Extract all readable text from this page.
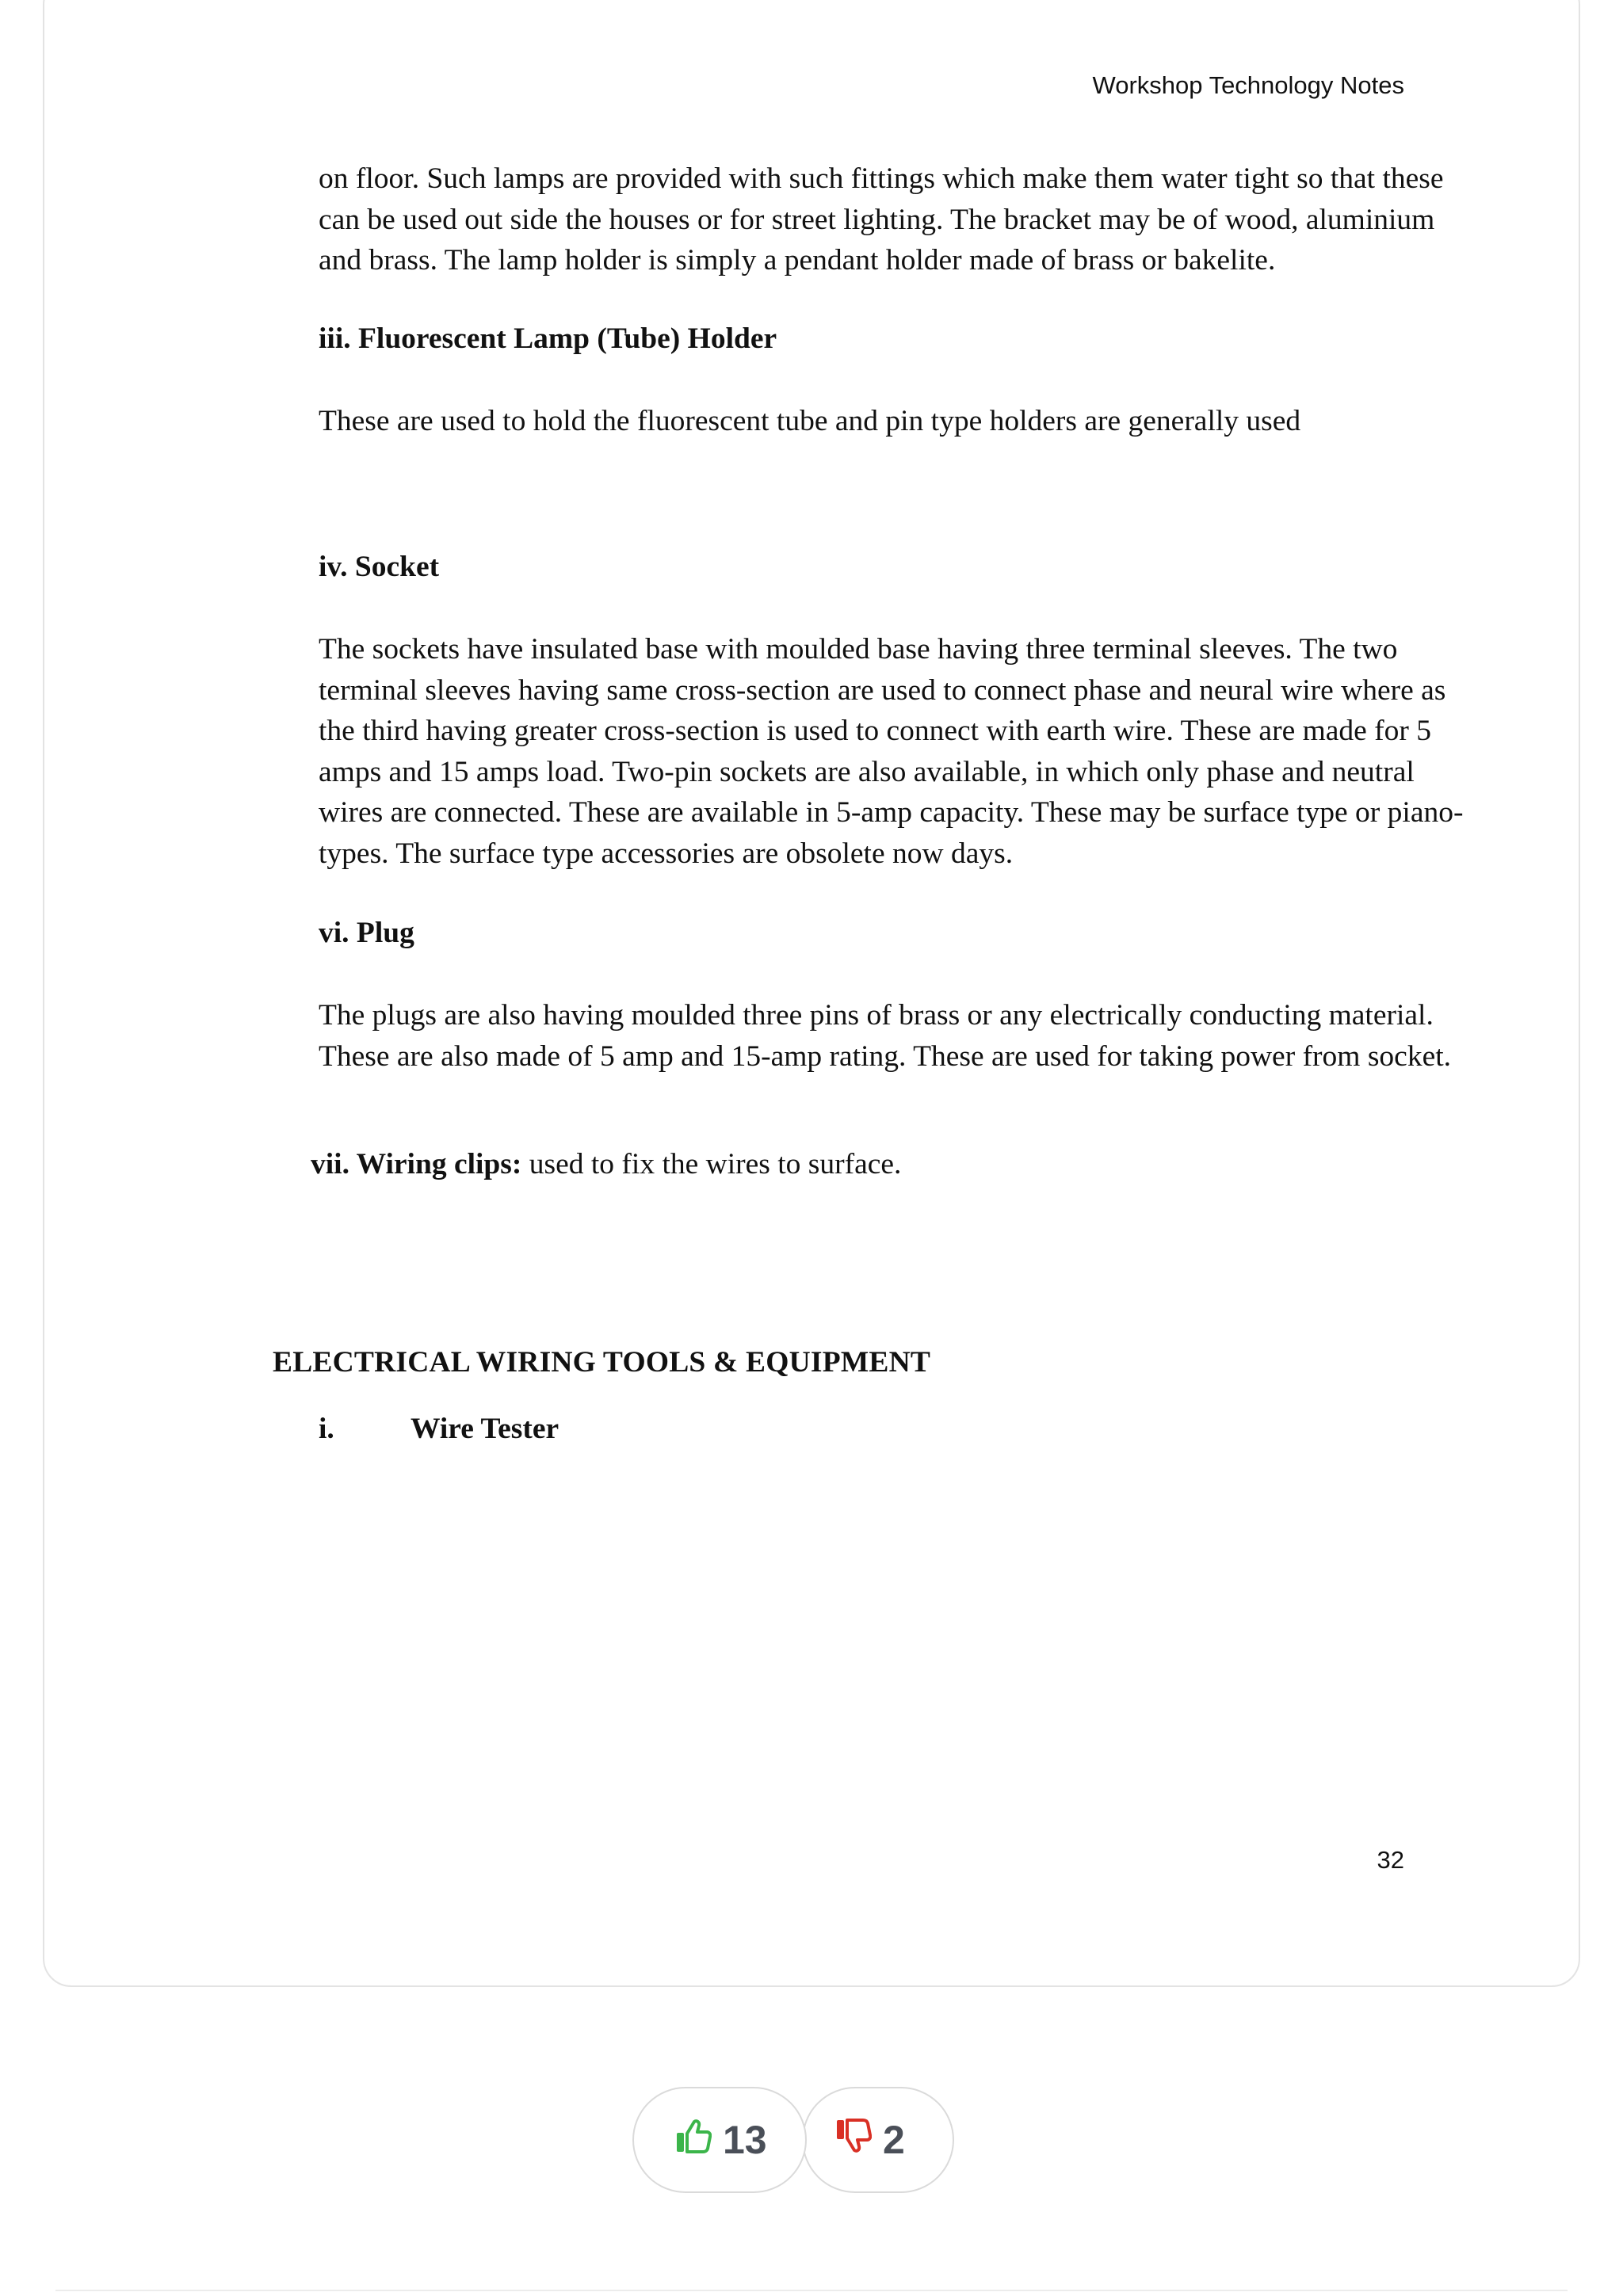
Workshop Technology Notes

on floor. Such lamps are provided with such fittings which make them water tight so that these can be used out side the houses or for street lighting. The bracket may be of wood, aluminium and brass. The lamp holder is simply a pendant holder made of brass or bakelite.

iii. Fluorescent Lamp (Tube) Holder

These are used to hold the fluorescent tube and pin type holders are generally used

iv. Socket

The sockets have insulated base with moulded base having three terminal sleeves. The two terminal sleeves having same cross-section are used to connect phase and neural wire where as the third having greater cross-section is used to connect with earth wire. These are made for 5 amps and 15 amps load. Two-pin sockets are also available, in which only phase and neutral wires are connected. These are available in 5-amp capacity. These may be surface type or piano-types. The surface type accessories are obsolete now days.

vi. Plug

The plugs are also having moulded three pins of brass or any electrically conducting material. These are also made of 5 amp and 15-amp rating. These are used for taking power from socket.

vii. Wiring clips: used to fix the wires to surface.

ELECTRICAL WIRING TOOLS & EQUIPMENT

i.	Wire Tester
32
13	2
